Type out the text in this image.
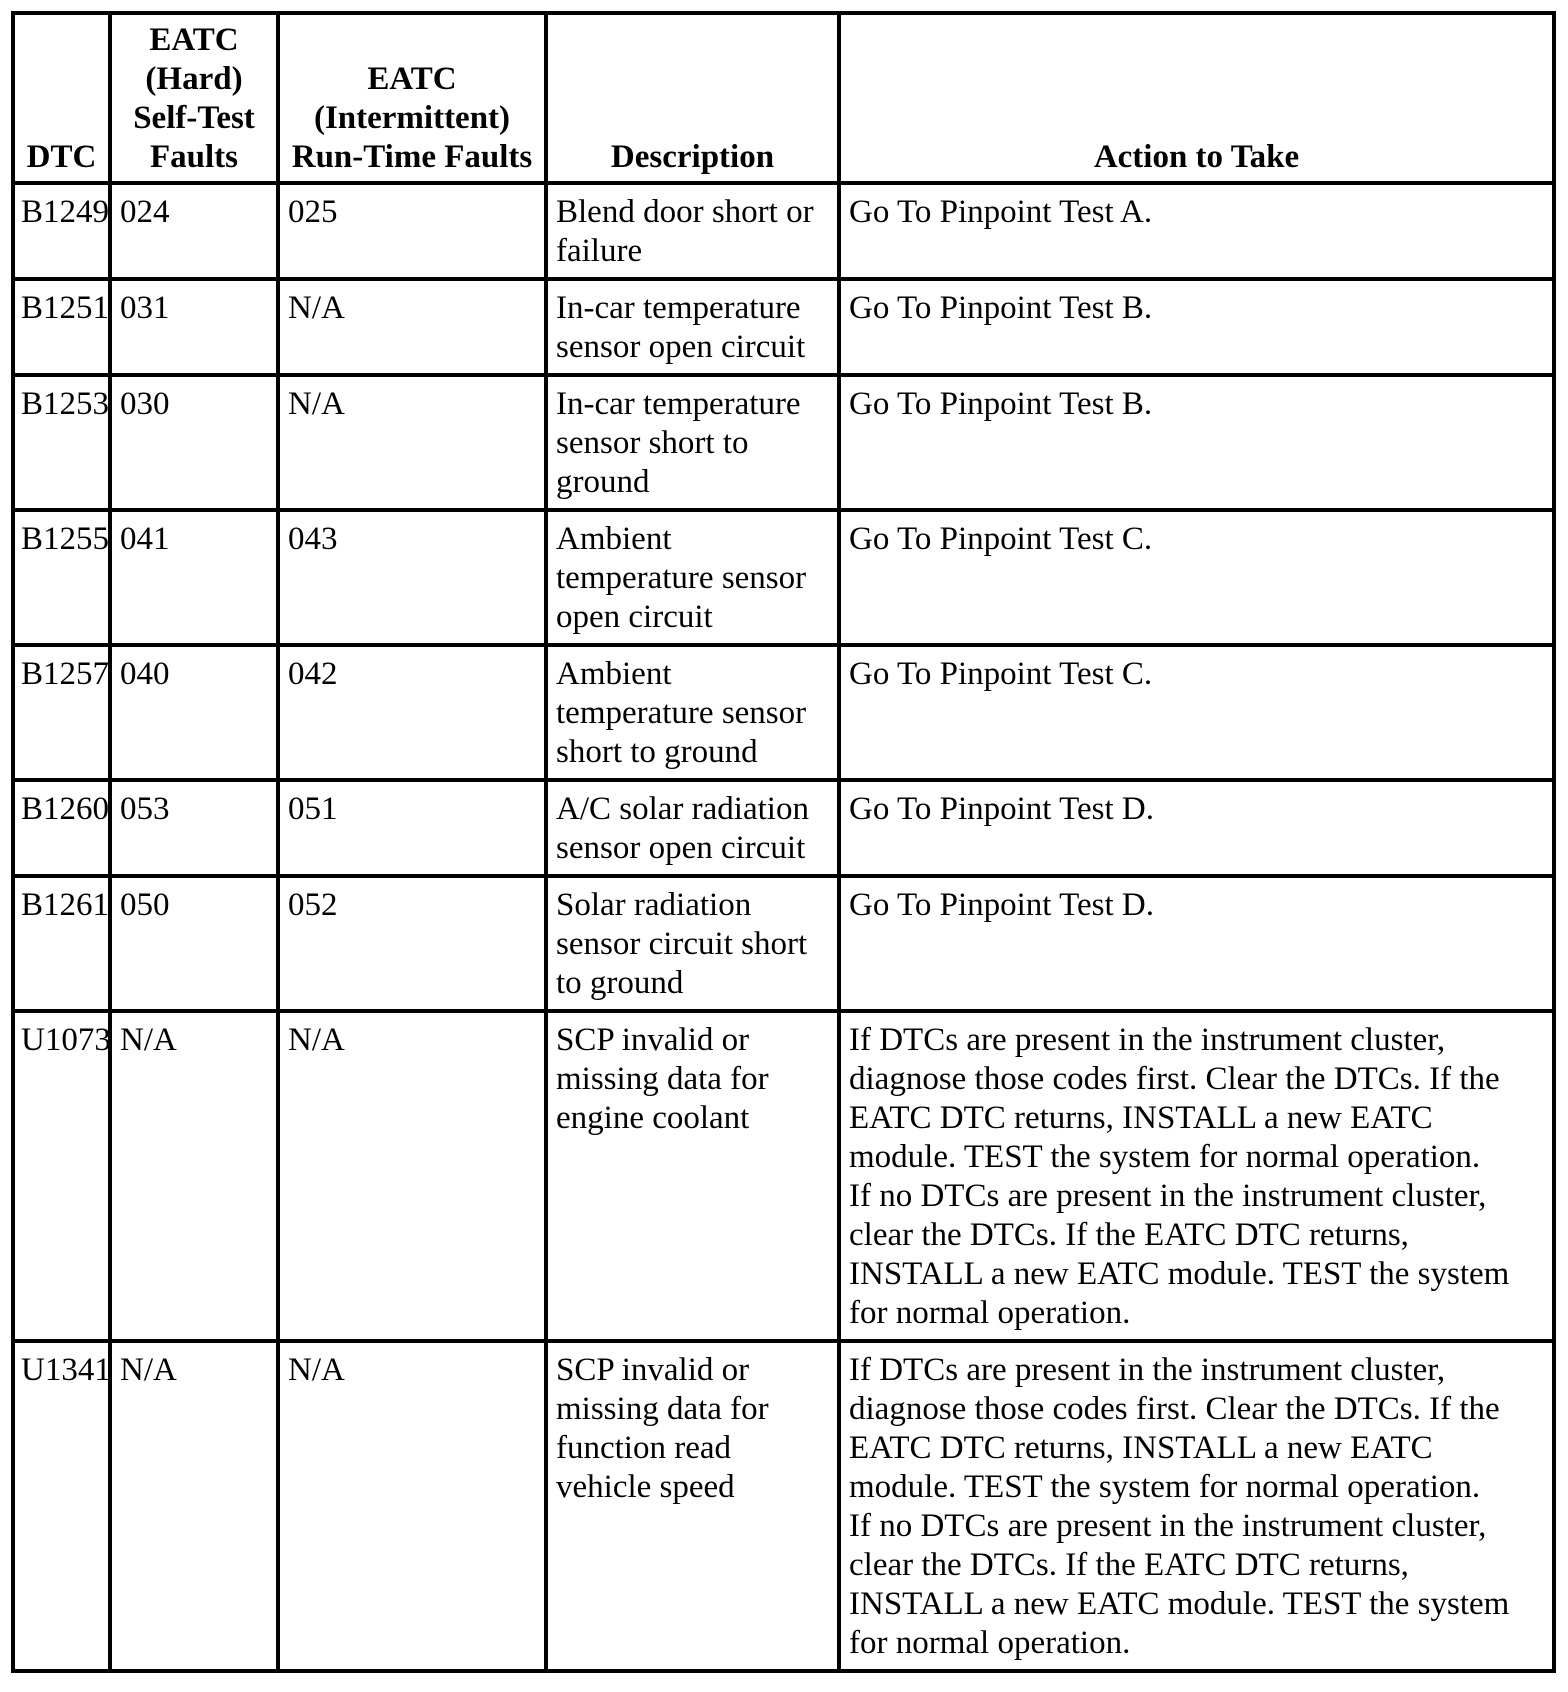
DTC	EATC
(Hard)
Self-Test
Faults	EATC
(Intermittent)
Run-Time Faults	Description	Action to Take
B1249	024	025	Blend door short or failure	Go To Pinpoint Test A.

B1251	031	N/A	In-car temperature sensor open circuit	Go To Pinpoint Test B.

B1253	030	N/A	In-car temperature sensor short to ground	Go To Pinpoint Test B.

B1255	041	043	Ambient temperature sensor open circuit	Go To Pinpoint Test C.

B1257	040	042	Ambient temperature sensor short to ground	Go To Pinpoint Test C.

B1260	053	051	A/C solar radiation sensor open circuit	Go To Pinpoint Test D.

B1261	050	052	Solar radiation sensor circuit short to ground	Go To Pinpoint Test D.

U1073	N/A	N/A	SCP invalid or missing data for engine coolant	If DTCs are present in the instrument cluster, diagnose those codes first. Clear the DTCs. If the EATC DTC returns, INSTALL a new EATC module. TEST the system for normal operation.
If no DTCs are present in the instrument cluster, clear the DTCs. If the EATC DTC returns, INSTALL a new EATC module. TEST the system for normal operation.

U1341	N/A	N/A	SCP invalid or missing data for function read vehicle speed	If DTCs are present in the instrument cluster, diagnose those codes first. Clear the DTCs. If the EATC DTC returns, INSTALL a new EATC module. TEST the system for normal operation.
If no DTCs are present in the instrument cluster, clear the DTCs. If the EATC DTC returns, INSTALL a new EATC module. TEST the system for normal operation.
